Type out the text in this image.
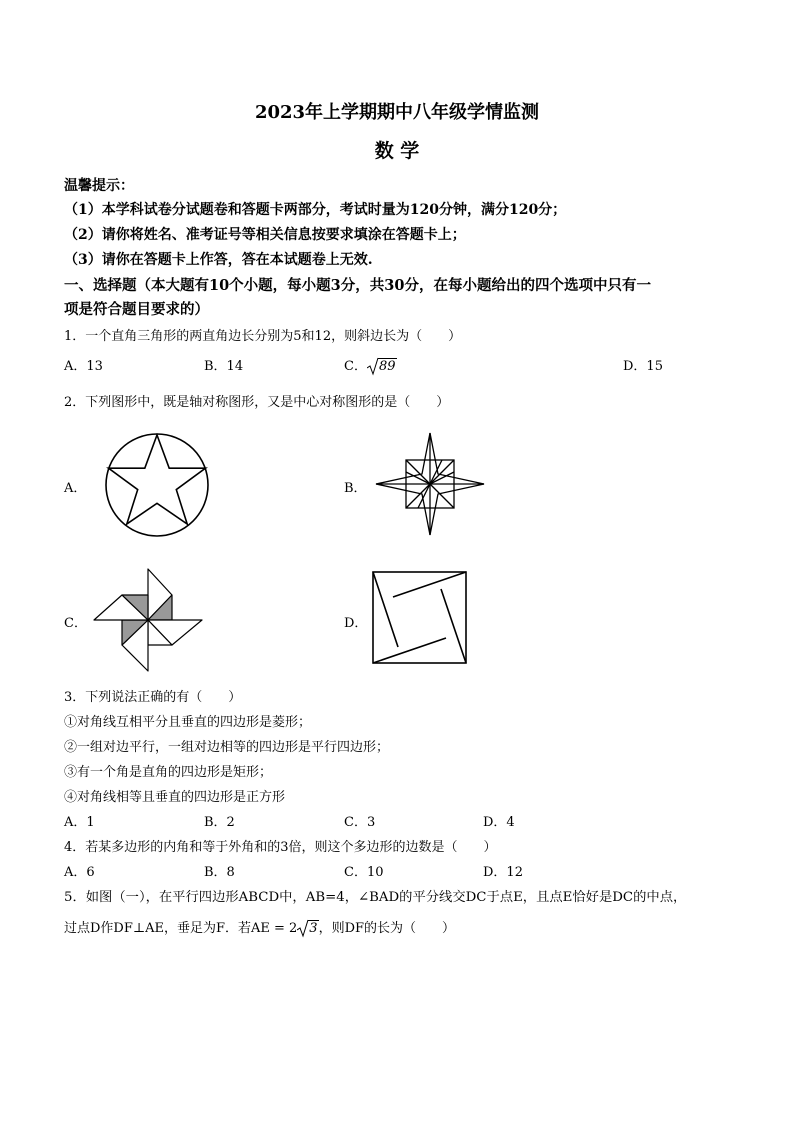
2023年上学期期中八年级学情监测
数 学
温馨提示：
（1）本学科试卷分试题卷和答题卡两部分，考试时量为120分钟，满分120分；
（2）请你将姓名、准考证号等相关信息按要求填涂在答题卡上；
（3）请你在答题卡上作答，答在本试题卷上无效.
一、选择题（本大题有10个小题，每小题3分，共30分，在每小题给出的四个选项中只有一
项是符合题目要求的）
1．一个直角三角形的两直角边长分别为5和12，则斜边长为（　　）
A．13	B．14	C． 89	D．15
2．下列图形中，既是轴对称图形，又是中心对称图形的是（　　）
A．	B．
C．	D．
3．下列说法正确的有（　　）
①对角线互相平分且垂直的四边形是菱形；
②一组对边平行，一组对边相等的四边形是平行四边形；
③有一个角是直角的四边形是矩形；
④对角线相等且垂直的四边形是正方形
A．1	B．2	C．3	D．4
4．若某多边形的内角和等于外角和的3倍，则这个多边形的边数是（　　）
A．6	B．8	C．10	D．12
5．如图（一），在平行四边形ABCD中，AB=4，∠BAD的平分线交DC于点E，且点E恰好是DC的中点，
过点D作DF⊥AE，垂足为F．若AE = 2 3，则DF的长为（　　）
